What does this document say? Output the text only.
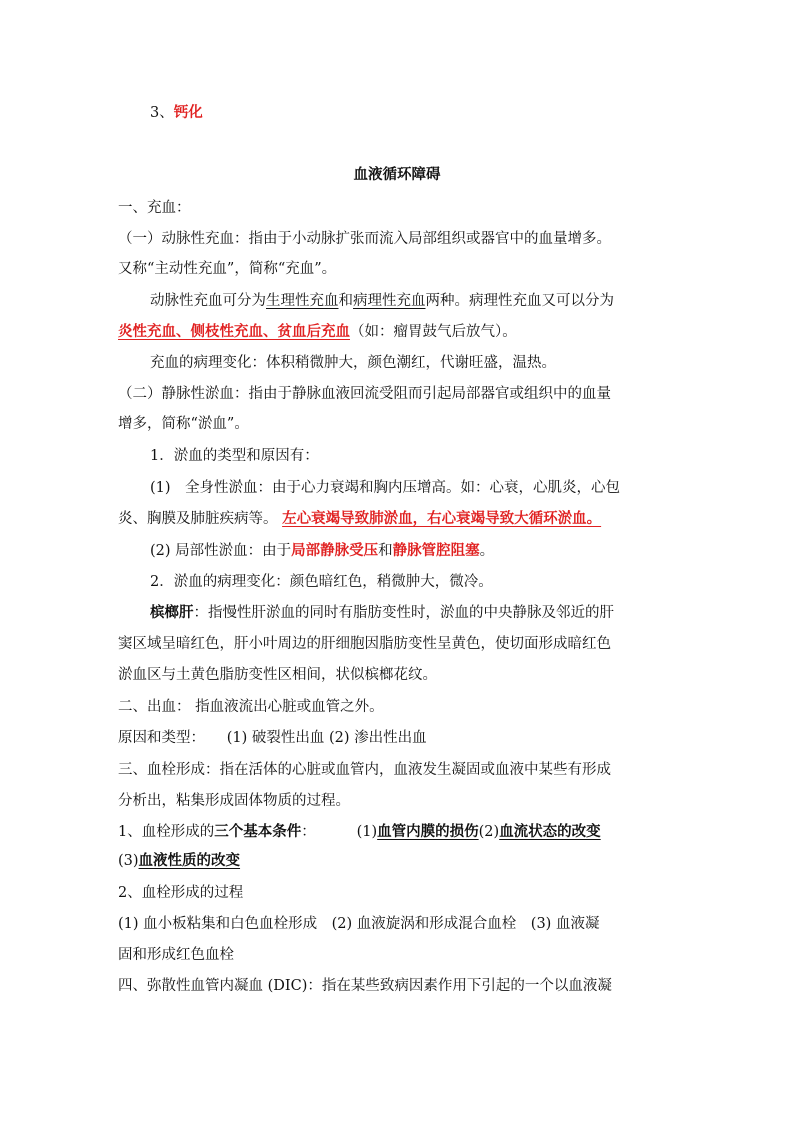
3、钙化
血液循环障碍
一、充血：
（一）动脉性充血：指由于小动脉扩张而流入局部组织或器官中的血量增多。
又称“主动性充血”，简称“充血”。
动脉性充血可分为生理性充血和病理性充血两种。病理性充血又可以分为
炎性充血、侧枝性充血、贫血后充血（如：瘤胃鼓气后放气）。
充血的病理变化：体积稍微肿大，颜色潮红，代谢旺盛，温热。
（二）静脉性淤血：指由于静脉血液回流受阻而引起局部器官或组织中的血量
增多，简称“淤血”。
1．淤血的类型和原因有：
(1)　全身性淤血：由于心力衰竭和胸内压增高。如：心衰，心肌炎，心包
炎、胸膜及肺脏疾病等。 左心衰竭导致肺淤血，右心衰竭导致大循环淤血。
(2) 局部性淤血：由于局部静脉受压和静脉管腔阻塞。
2．淤血的病理变化：颜色暗红色，稍微肿大，微冷。
槟榔肝：指慢性肝淤血的同时有脂肪变性时，淤血的中央静脉及邻近的肝
窦区域呈暗红色，肝小叶周边的肝细胞因脂肪变性呈黄色，使切面形成暗红色
淤血区与土黄色脂肪变性区相间，状似槟榔花纹。
二、出血： 指血液流出心脏或血管之外。
原因和类型：　　(1) 破裂性出血 (2) 渗出性出血
三、血栓形成：指在活体的心脏或血管内，血液发生凝固或血液中某些有形成
分析出，粘集形成固体物质的过程。
1、血栓形成的三个基本条件：　　　 (1)血管内膜的损伤(2)血流状态的改变
(3)血液性质的改变
2、血栓形成的过程
(1) 血小板粘集和白色血栓形成　(2) 血液旋涡和形成混合血栓　(3) 血液凝
固和形成红色血栓
四、弥散性血管内凝血 (DIC)：指在某些致病因素作用下引起的一个以血液凝
